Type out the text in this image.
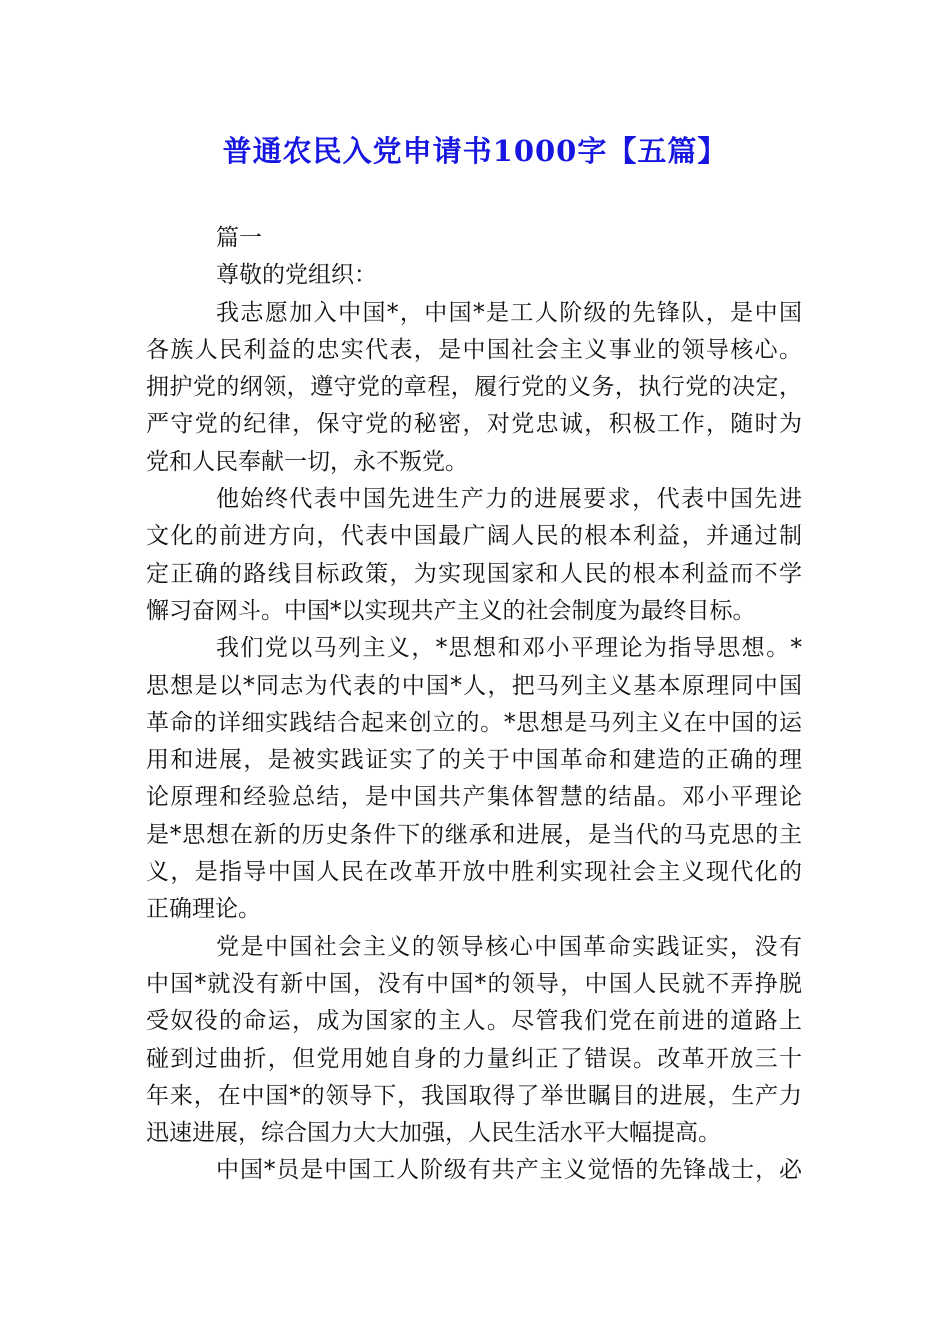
普通农民入党申请书1000字【五篇】
篇一
尊敬的党组织：
我志愿加入中国*，中国*是工人阶级的先锋队，是中国
各族人民利益的忠实代表，是中国社会主义事业的领导核心。
拥护党的纲领，遵守党的章程，履行党的义务，执行党的决定，
严守党的纪律，保守党的秘密，对党忠诚，积极工作，随时为
党和人民奉献一切，永不叛党。
他始终代表中国先进生产力的进展要求，代表中国先进
文化的前进方向，代表中国最广阔人民的根本利益，并通过制
定正确的路线目标政策，为实现国家和人民的根本利益而不学
懈习奋网斗。中国*以实现共产主义的社会制度为最终目标。
我们党以马列主义，*思想和邓小平理论为指导思想。*
思想是以*同志为代表的中国*人，把马列主义基本原理同中国
革命的详细实践结合起来创立的。*思想是马列主义在中国的运
用和进展，是被实践证实了的关于中国革命和建造的正确的理
论原理和经验总结，是中国共产集体智慧的结晶。邓小平理论
是*思想在新的历史条件下的继承和进展，是当代的马克思的主
义，是指导中国人民在改革开放中胜利实现社会主义现代化的
正确理论。
党是中国社会主义的领导核心中国革命实践证实，没有
中国*就没有新中国，没有中国*的领导，中国人民就不弄挣脱
受奴役的命运，成为国家的主人。尽管我们党在前进的道路上
碰到过曲折，但党用她自身的力量纠正了错误。改革开放三十
年来，在中国*的领导下，我国取得了举世瞩目的进展，生产力
迅速进展，综合国力大大加强，人民生活水平大幅提高。
中国*员是中国工人阶级有共产主义觉悟的先锋战士，必
